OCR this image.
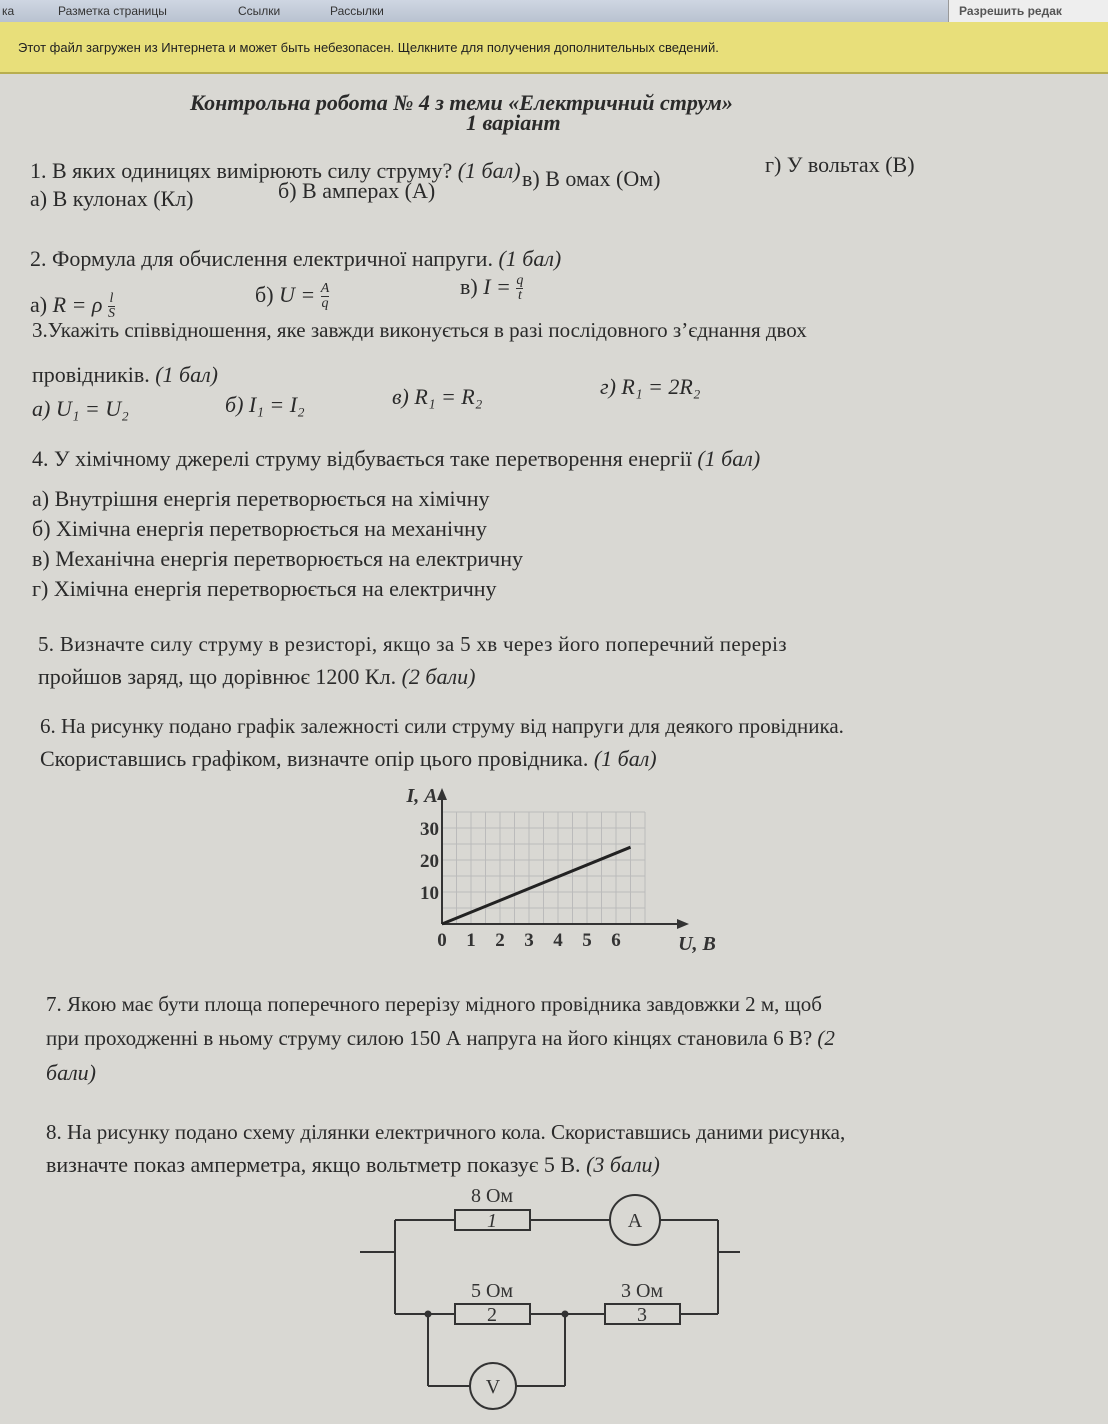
ка	Разметка страницы	Ссылки	Рассылки	Разрешить редак
Этот файл загружен из Интернета и может быть небезопасен. Щелкните для получения дополнительных сведений.
Контрольна робота № 4 з теми «Електричний струм»
1 варіант
1. В яких одиницях вимірюють силу струму? (1 бал)
а) В кулонах (Кл)	б) В амперах (А)	в) В омах (Ом)
г) У вольтах (В)
2. Формула для обчислення електричної напруги. (1 бал)
а) R = ρ $\frac{l}{S}$	б) $U = \frac{A}{q}$	в) $I = \frac{q}{t}$
3.Укажіть співвідношення, яке завжди виконується в разі послідовного з’єднання двох
провідників. (1 бал)
а) U₁ = U₂	б) I₁ = I₂	в) R₁ = R₂	г) R₁ = 2R₂
4. У хімічному джерелі струму відбувається таке перетворення енергії (1 бал)
а) Внутрішня енергія перетворюється на хімічну
б) Хімічна енергія перетворюється на механічну
в) Механічна енергія перетворюється на електричну
г) Хімічна енергія перетворюється на електричну
5. Визначте силу струму в резисторі, якщо за 5 хв через його поперечний переріз
пройшов заряд, що дорівнює 1200 Кл. (2 бали)
6. На рисунку подано графік залежності сили струму від напруги для деякого провідника.
Скориставшись графіком, визначте опір цього провідника. (1 бал)
0 1 2 3 4 5 6
10
20
30
U, В
I, А
7. Якою має бути площа поперечного перерізу мідного провідника завдовжки 2 м, щоб
при проходженні в ньому струму силою 150 А напруга на його кінцях становила 6 В? (2
бали)
8. На рисунку подано схему ділянки електричного кола. Скориставшись даними рисунка,
визначте показ амперметра, якщо вольтметр показує 5 В. (3 бали)
8 Ом
1
5 Ом
2
3 Ом
3
A
V
